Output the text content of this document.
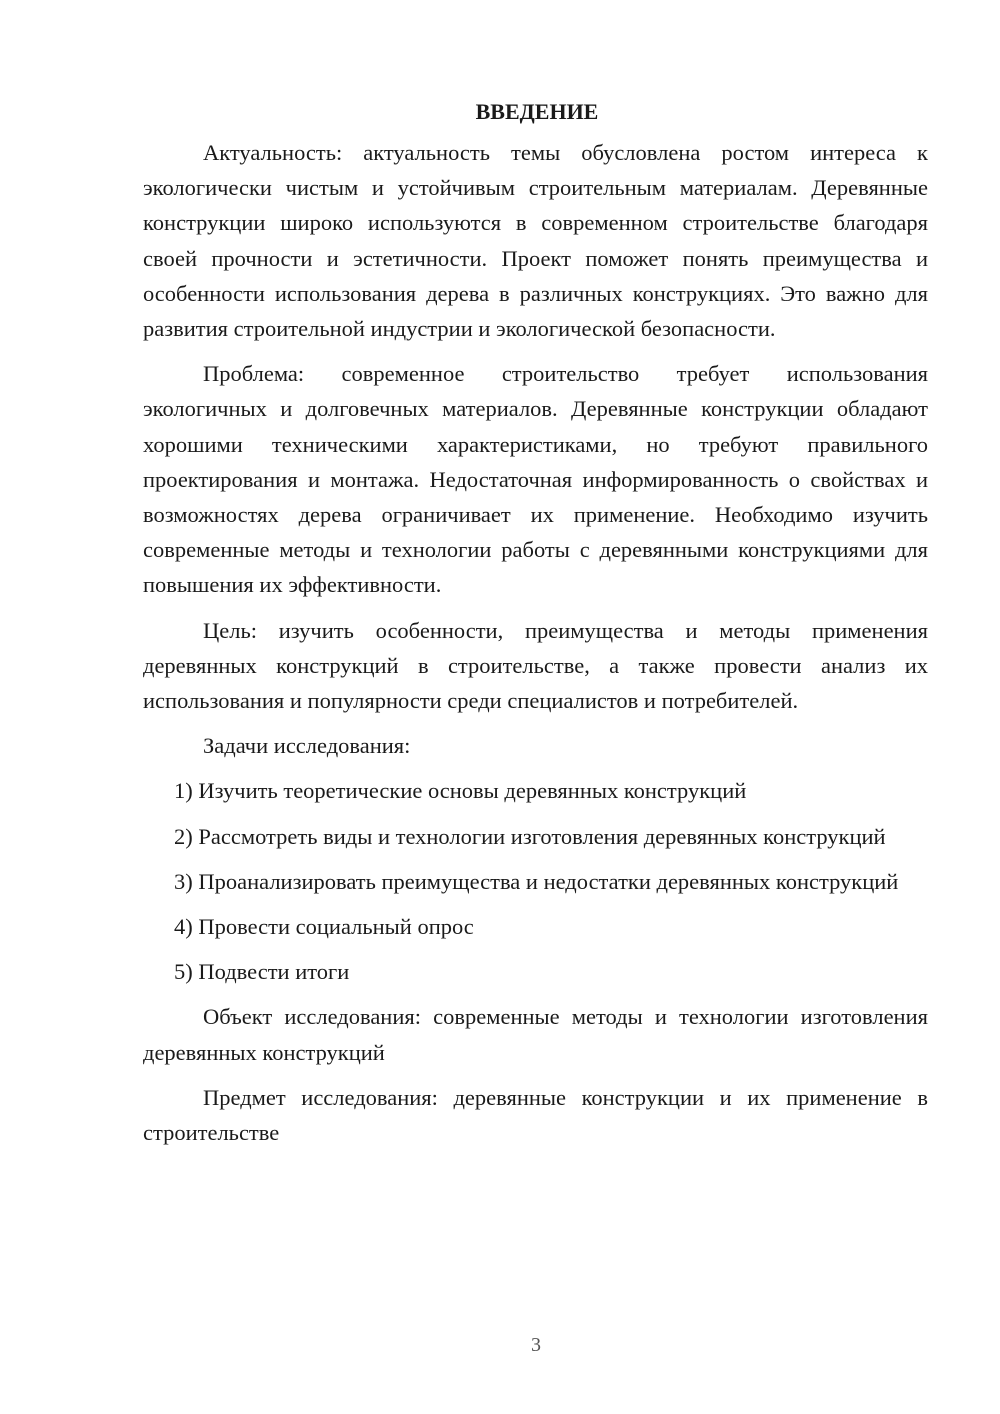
ВВЕДЕНИЕ

Актуальность: актуальность темы обусловлена ростом интереса к экологически чистым и устойчивым строительным материалам. Деревянные конструкции широко используются в современном строительстве благодаря своей прочности и эстетичности. Проект поможет понять преимущества и особенности использования дерева в различных конструкциях. Это важно для развития строительной индустрии и экологической безопасности.

Проблема: современное строительство требует использования экологичных и долговечных материалов. Деревянные конструкции обладают хорошими техническими характеристиками, но требуют правильного проектирования и монтажа. Недостаточная информированность о свойствах и возможностях дерева ограничивает их применение. Необходимо изучить современные методы и технологии работы с деревянными конструкциями для повышения их эффективности.

Цель: изучить особенности, преимущества и методы применения деревянных конструкций в строительстве, а также провести анализ их использования и популярности среди специалистов и потребителей.

Задачи исследования:

1) Изучить теоретические основы деревянных конструкций

2) Рассмотреть виды и технологии изготовления деревянных конструкций

3) Проанализировать преимущества и недостатки деревянных конструкций

4) Провести социальный опрос

5) Подвести итоги

Объект исследования: современные методы и технологии изготовления деревянных конструкций

Предмет исследования: деревянные конструкции и их применение в строительстве

3
